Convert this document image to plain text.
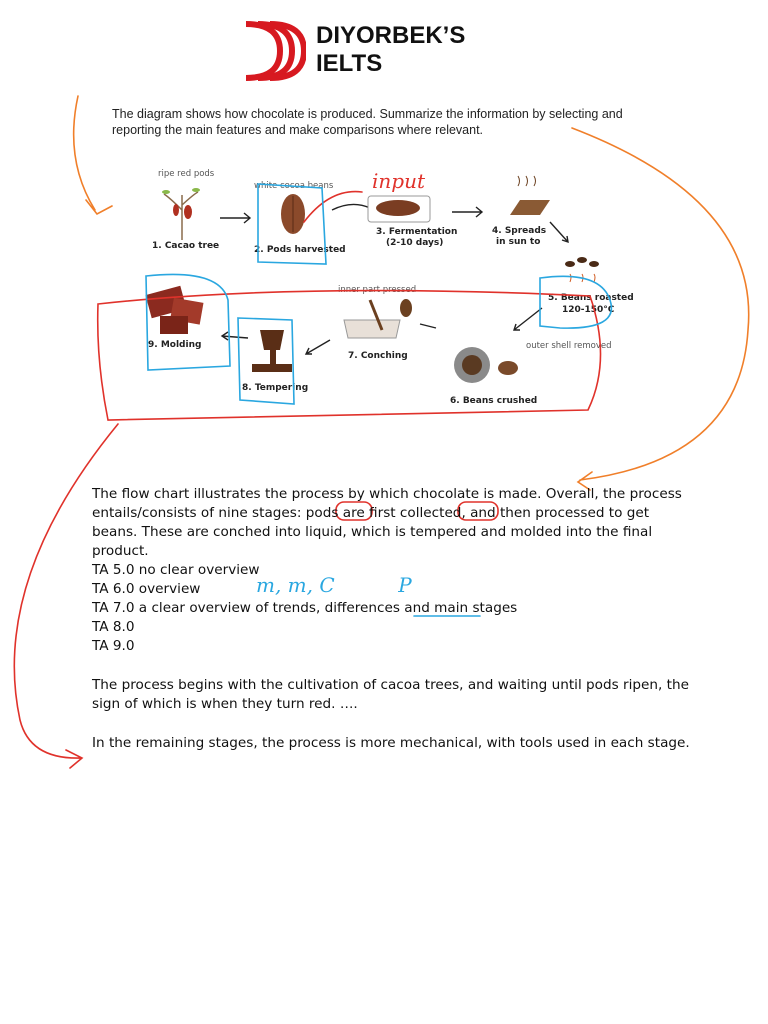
DIYORBEK’S
IELTS
The diagram shows how chocolate is produced. Summarize the information by selecting and reporting the main features and make comparisons where relevant.
ripe red pods
1. Cacao tree
white cocoa beans
2. Pods harvested
3. Fermentation
(2-10 days)
4. Spreads
in sun to
5. Beans roasted
120-150°C
outer shell removed
6. Beans crushed
inner part pressed
7. Conching
8. Tempering
9. Molding
input
m, m, C          P
The flow chart illustrates the process by which chocolate is made. Overall, the process entails/consists of nine stages: pods are first collected, and then processed to get beans. These are conched into liquid, which is tempered and molded into the final product.
TA 5.0 no clear overview
TA 6.0 overview
TA 7.0 a clear overview of trends, differences and main stages
TA 8.0
TA 9.0
The process begins with the cultivation of cacoa trees, and waiting until pods ripen, the sign of which is when they turn red. ….
In the remaining stages, the process is more mechanical, with tools used in each stage.
